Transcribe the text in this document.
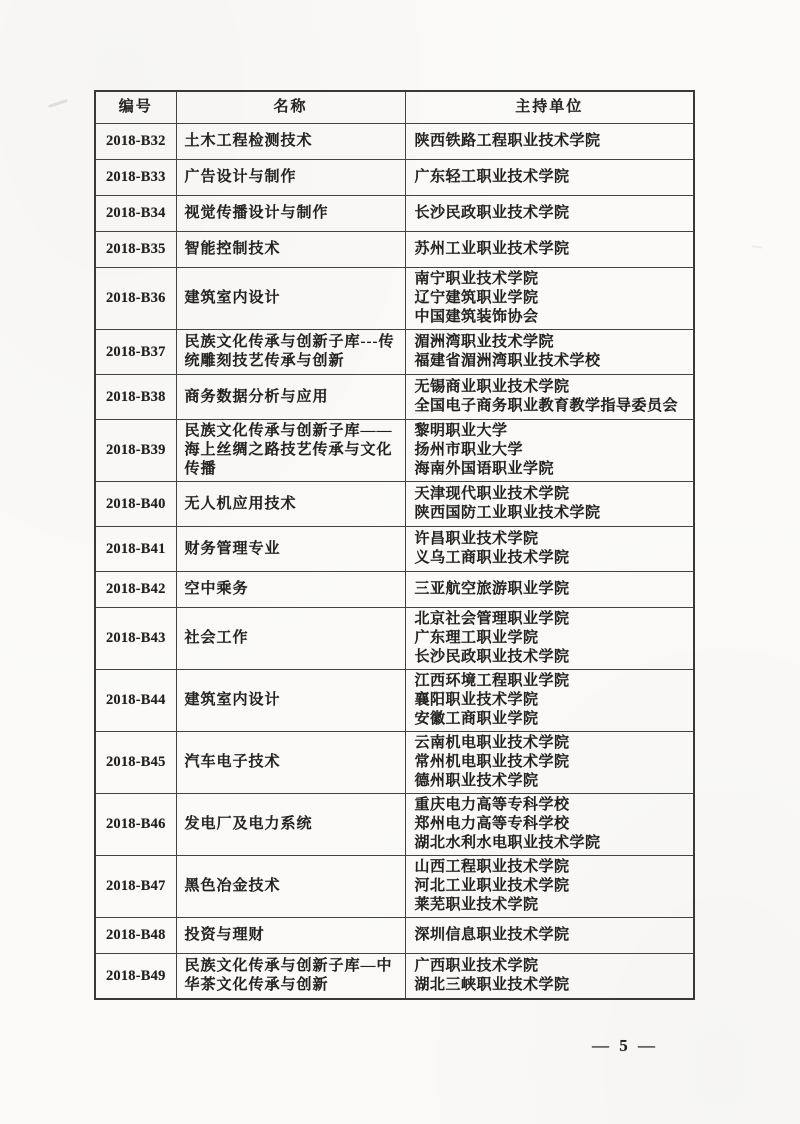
编号	名称	主持单位
2018-B32	土木工程检测技术	陕西铁路工程职业技术学院

2018-B33	广告设计与制作	广东轻工职业技术学院

2018-B34	视觉传播设计与制作	长沙民政职业技术学院

2018-B35	智能控制技术	苏州工业职业技术学院

2018-B36	建筑室内设计	南宁职业技术学院
辽宁建筑职业学院
中国建筑装饰协会

2018-B37	民族文化传承与创新子库---传统雕刻技艺传承与创新	湄洲湾职业技术学院
福建省湄洲湾职业技术学校

2018-B38	商务数据分析与应用	无锡商业职业技术学院
全国电子商务职业教育教学指导委员会

2018-B39	民族文化传承与创新子库——海上丝绸之路技艺传承与文化传播	黎明职业大学
扬州市职业大学
海南外国语职业学院

2018-B40	无人机应用技术	天津现代职业技术学院
陕西国防工业职业技术学院

2018-B41	财务管理专业	许昌职业技术学院
义乌工商职业技术学院

2018-B42	空中乘务	三亚航空旅游职业学院

2018-B43	社会工作	北京社会管理职业学院
广东理工职业学院
长沙民政职业技术学院

2018-B44	建筑室内设计	江西环境工程职业学院
襄阳职业技术学院
安徽工商职业学院

2018-B45	汽车电子技术	云南机电职业技术学院
常州机电职业技术学院
德州职业技术学院

2018-B46	发电厂及电力系统	重庆电力高等专科学校
郑州电力高等专科学校
湖北水利水电职业技术学院

2018-B47	黑色冶金技术	山西工程职业技术学院
河北工业职业技术学院
莱芜职业技术学院

2018-B48	投资与理财	深圳信息职业技术学院

2018-B49	民族文化传承与创新子库—中华茶文化传承与创新	广西职业技术学院
湖北三峡职业技术学院
— 5 —
